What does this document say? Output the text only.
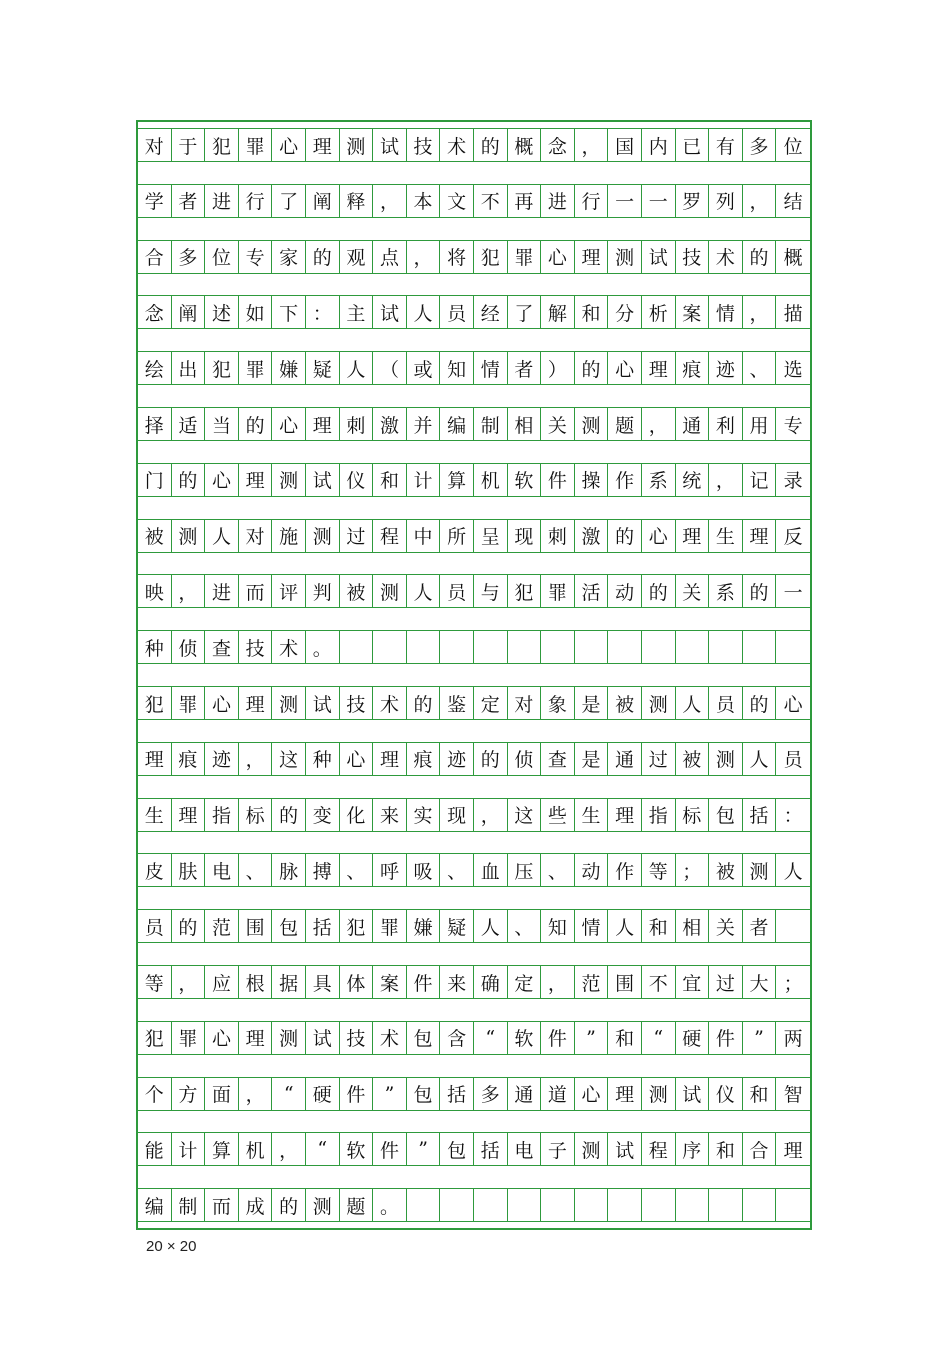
对 于 犯 罪 心 理 测 试 技 术 的 概 念 ， 国 内 已 有 多 位
学 者 进 行 了 阐 释 ， 本 文 不 再 进 行 一 一 罗 列 ， 结
合 多 位 专 家 的 观 点 ， 将 犯 罪 心 理 测 试 技 术 的 概
念 阐 述 如 下 ： 主 试 人 员 经 了 解 和 分 析 案 情 ， 描
绘 出 犯 罪 嫌 疑 人 （ 或 知 情 者 ） 的 心 理 痕 迹 、 选
择 适 当 的 心 理 刺 激 并 编 制 相 关 测 题 ， 通 利 用 专
门 的 心 理 测 试 仪 和 计 算 机 软 件 操 作 系 统 ， 记 录
被 测 人 对 施 测 过 程 中 所 呈 现 刺 激 的 心 理 生 理 反
映 ， 进 而 评 判 被 测 人 员 与 犯 罪 活 动 的 关 系 的 一
种 侦 查 技 术 。
犯 罪 心 理 测 试 技 术 的 鉴 定 对 象 是 被 测 人 员 的 心
理 痕 迹 ， 这 种 心 理 痕 迹 的 侦 查 是 通 过 被 测 人 员
生 理 指 标 的 变 化 来 实 现 ， 这 些 生 理 指 标 包 括 ：
皮 肤 电 、 脉 搏 、 呼 吸 、 血 压 、 动 作 等 ； 被 测 人
员 的 范 围 包 括 犯 罪 嫌 疑 人 、 知 情 人 和 相 关 者
等 ， 应 根 据 具 体 案 件 来 确 定 ， 范 围 不 宜 过 大 ；
犯 罪 心 理 测 试 技 术 包 含	“	软 件	”	和	“	硬 件	”	两
个 方 面 ，	“	硬 件	”	包 括 多 通 道 心 理 测 试 仪 和 智
能 计 算 机 ，	“	软 件	”	包 括 电 子 测 试 程 序 和 合 理
编 制 而 成 的 测 题 。
20 × 20
